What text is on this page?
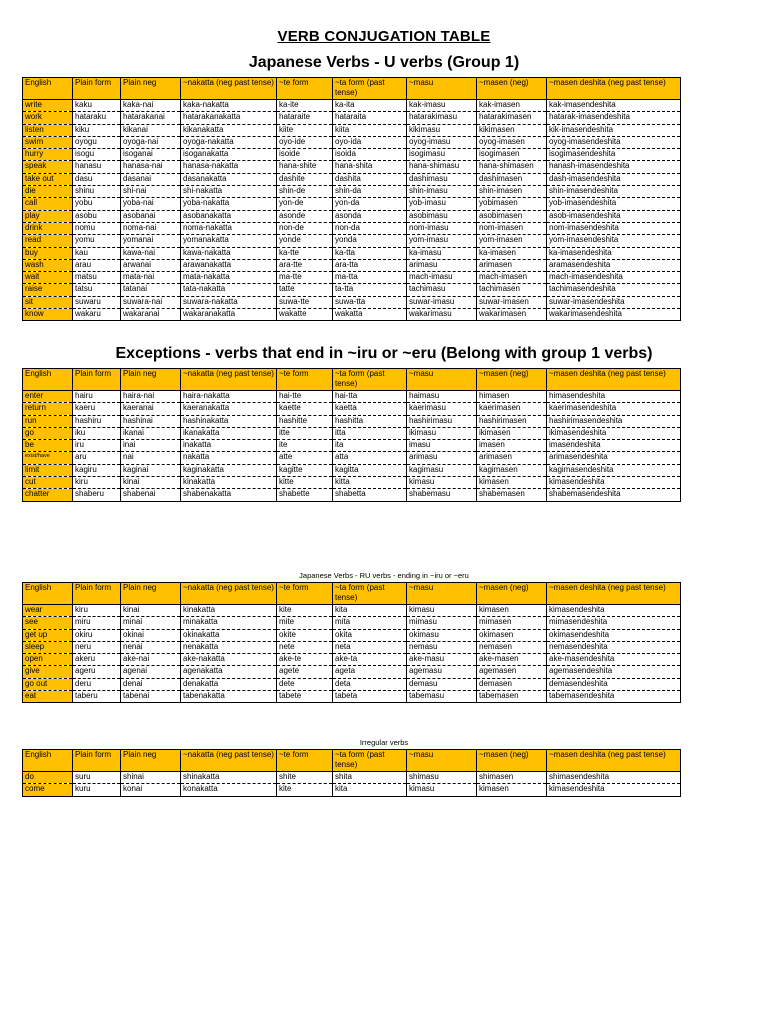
VERB CONJUGATION TABLE
Japanese Verbs - U verbs (Group 1)
English	Plain form	Plain neg	~nakatta (neg past tense)	~te form	~ta form (past tense)	~masu	~masen (neg)	~masen deshita (neg past tense)
write	kaku	kaka-nai	kaka-nakatta	ka-ite	ka-ita	kak-imasu	kak-imasen	kak-imasendeshita
work	hataraku	hatarakanai	hatarakanakatta	hataraite	hataraita	hatarakimasu	hatarakimasen	hatarak-imasendeshita
listen	kiku	kikanai	kikanakatta	kiite	kiita	kikimasu	kikimasen	kik-imasendeshita
swim	oyogu	oyoga-nai	oyoga-nakatta	oyo-ide	oyo-ida	oyog-imasu	oyog-imasen	oyog-imasendeshita
hurry	isogu	isoganai	isoganakatta	isoide	isoida	isogimasu	isogimasen	isogimasendeshita
speak	hanasu	hanasa-nai	hanasa-nakatta	hana-shite	hana-shita	hana-shimasu	hana-shimasen	hanash-imasendeshita
take out	dasu	dasanai	dasanakatta	dashite	dashita	dashimasu	dashimasen	dash-imasendeshita
die	shinu	shi-nai	shi-nakatta	shin-de	shin-da	shin-imasu	shin-imasen	shin-imasendeshita
call	yobu	yoba-nai	yoba-nakatta	yon-de	yon-da	yob-imasu	yobimasen	yob-imasendeshita
play	asobu	asobanai	asobanakatta	asonde	asonda	asobimasu	asobimasen	asob-imasendeshita
drink	nomu	noma-nai	noma-nakatta	non-de	non-da	nom-imasu	nom-imasen	nom-imasendeshita
read	yomu	yomanai	yomanakatta	yonde	yonda	yom-imasu	yom-imasen	yom-imasendeshita
buy	kau	kawa-nai	kawa-nakatta	ka-tte	ka-tta	ka-imasu	ka-imasen	ka-imasendeshita
wash	arau	arwanai	arawanakatta	ara-tte	ara-tta	arimasu	arimasen	aramasendeshita
wait	matsu	mata-nai	mata-nakatta	ma-tte	ma-tta	mach-imasu	mach-imasen	mach-imasendeshita
raise	tatsu	tatanai	tata-nakatta	tatte	ta-tta	tachimasu	tachimasen	tachimasendeshita
sit	suwaru	suwara-nai	suwara-nakatta	suwa-tte	suwa-tta	suwar-imasu	suwar-imasen	suwar-imasendeshita
know	wakaru	wakaranai	wakaranakatta	wakatte	wakatta	wakarimasu	wakarimasen	wakarimasendeshita
Exceptions - verbs that end in ~iru or ~eru (Belong with group 1 verbs)
English	Plain form	Plain neg	~nakatta (neg past tense)	~te form	~ta form (past tense)	~masu	~masen (neg)	~masen deshita (neg past tense)
enter	hairu	haira-nai	haira-nakatta	hai-tte	hai-tta	haimasu	himasen	himasendeshita
return	kaeru	kaeranai	kaeranakatta	kaette	kaetta	kaerimasu	kaerimasen	kaerimasendeshita
run	hashiru	hashinai	hashinakatta	hashitte	hashitta	hashirimasu	hashirimasen	hashirimasendeshita
go	iku	ikanai	ikanakatta	itte	itta	ikimasu	ikimasen	ikimasendeshita
be	iru	inai	inakatta	ite	ita	imasu	imasen	imasendeshita
exist/have	aru	nai	nakatta	atte	atta	arimasu	arimasen	arimasendeshita
limit	kagiru	kaginai	kaginakatta	kagitte	kagitta	kagimasu	kagimasen	kagimasendeshita
cut	kiru	kinai	kinakatta	kitte	kitta	kimasu	kimasen	kimasendeshita
chatter	shaberu	shabenai	shabenakatta	shabette	shabetta	shabemasu	shabemasen	shabemasendeshita
Japanese Verbs - RU verbs - ending in ~iru or ~eru
English	Plain form	Plain neg	~nakatta (neg past tense)	~te form	~ta form (past tense)	~masu	~masen (neg)	~masen deshita (neg past tense)
wear	kiru	kinai	kinakatta	kite	kita	kimasu	kimasen	kimasendeshita
see	miru	minai	minakatta	mite	mita	mimasu	mimasen	mimasendeshita
get up	okiru	okinai	okinakatta	okite	okita	okimasu	okimasen	okimasendeshita
sleep	neru	nenai	nenakatta	nete	neta	nemasu	nemasen	nemasendeshita
open	akeru	ake-nai	ake-nakatta	ake-te	ake-ta	ake-masu	ake-masen	ake-masendeshita
give	ageru	agenai	agenakatta	agete	ageta	agemasu	agemasen	agemasendeshita
go out	deru	denai	denakatta	dete	deta	demasu	demasen	demasendeshita
eat	taberu	tabenai	tabenakatta	tabete	tabeta	tabemasu	tabemasen	tabemasendeshita
Irregular verbs
English	Plain form	Plain neg	~nakatta (neg past tense)	~te form	~ta form (past tense)	~masu	~masen (neg)	~masen deshita (neg past tense)
do	suru	shinai	shinakatta	shite	shita	shimasu	shimasen	shimasendeshita
come	kuru	konai	konakatta	kite	kita	kimasu	kimasen	kimasendeshita
